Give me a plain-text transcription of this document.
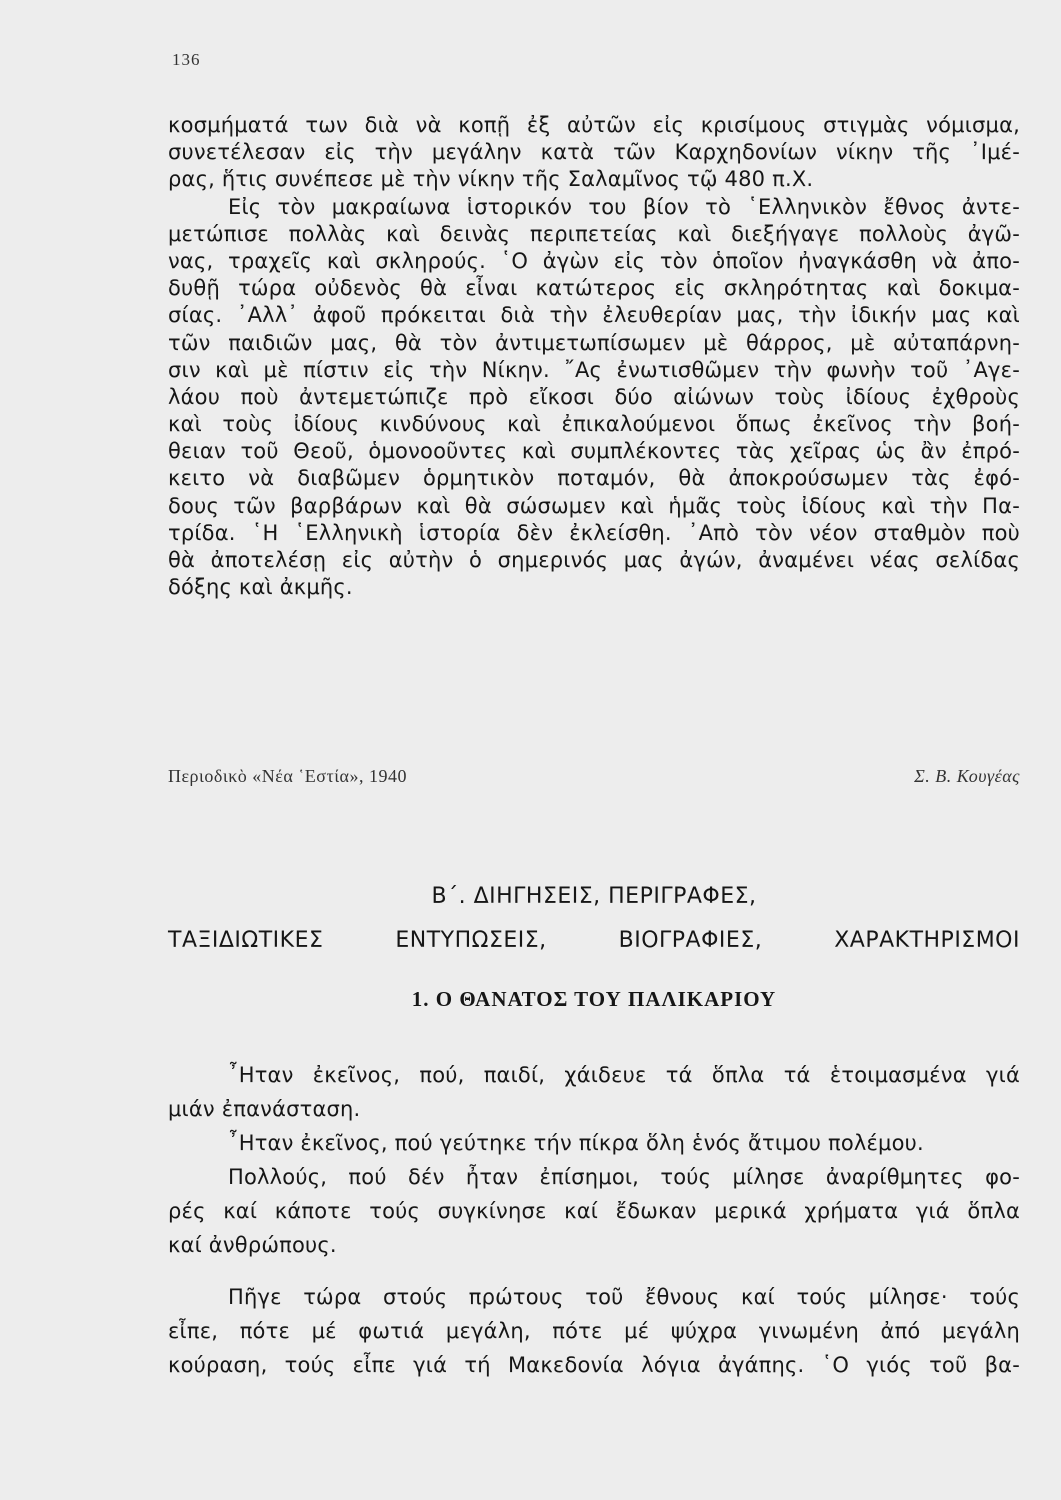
136
κοσμήματά των διὰ νὰ κοπῇ ἐξ αὐτῶν εἰς κρισίμους στιγμὰς νόμισμα,
συνετέλεσαν εἰς τὴν μεγάλην κατὰ τῶν Καρχηδονίων νίκην τῆς ᾿Ιμέ-
ρας, ἥτις συνέπεσε μὲ τὴν νίκην τῆς Σαλαμῖνος τῷ 480 π.Χ.
Εἰς τὸν μακραίωνα ἱστορικόν του βίον τὸ ῾Ελληνικὸν ἔθνος ἀντε-
μετώπισε πολλὰς καὶ δεινὰς περιπετείας καὶ διεξήγαγε πολλοὺς ἀγῶ-
νας, τραχεῖς καὶ σκληρούς. ῾Ο ἀγὼν εἰς τὸν ὁποῖον ἠναγκάσθη νὰ ἀπο-
δυθῇ τώρα οὐδενὸς θὰ εἶναι κατώτερος εἰς σκληρότητας καὶ δοκιμα-
σίας. ᾿Αλλ᾿ ἀφοῦ πρόκειται διὰ τὴν ἐλευθερίαν μας, τὴν ἰδικήν μας καὶ
τῶν παιδιῶν μας, θὰ τὸν ἀντιμετωπίσωμεν μὲ θάρρος, μὲ αὐταπάρνη-
σιν καὶ μὲ πίστιν εἰς τὴν Νίκην. ῎Ας ἐνωτισθῶμεν τὴν φωνὴν τοῦ ᾿Αγε-
λάου ποὺ ἀντεμετώπιζε πρὸ εἴκοσι δύο αἰώνων τοὺς ἰδίους ἐχθροὺς
καὶ τοὺς ἰδίους κινδύνους καὶ ἐπικαλούμενοι ὅπως ἐκεῖνος τὴν βοή-
θειαν τοῦ Θεοῦ, ὁμονοοῦντες καὶ συμπλέκοντες τὰς χεῖρας ὡς ἂν ἐπρό-
κειτο νὰ διαβῶμεν ὁρμητικὸν ποταμόν, θὰ ἀποκρούσωμεν τὰς ἐφό-
δους τῶν βαρβάρων καὶ θὰ σώσωμεν καὶ ἡμᾶς τοὺς ἰδίους καὶ τὴν Πα-
τρίδα. ῾Η ῾Ελληνικὴ ἱστορία δὲν ἐκλείσθη. ᾿Απὸ τὸν νέον σταθμὸν ποὺ
θὰ ἀποτελέσῃ εἰς αὐτὴν ὁ σημερινός μας ἀγών, ἀναμένει νέας σελίδας
δόξης καὶ ἀκμῆς.
Περιοδικὸ «Νέα ῾Εστία», 1940	Σ. Β. Κουγέας
Β΄. ΔΙΗΓΗΣΕΙΣ, ΠΕΡΙΓΡΑΦΕΣ,
ΤΑΞΙΔΙΩΤΙΚΕΣ ΕΝΤΥΠΩΣΕΙΣ, ΒΙΟΓΡΑΦΙΕΣ, ΧΑΡΑΚΤΗΡΙΣΜΟΙ
1. Ο ΘΑΝΑΤΟΣ ΤΟΥ ΠΑΛΙΚΑΡΙΟΥ
῏Ηταν ἐκεῖνος, πού, παιδί, χάιδευε τά ὅπλα τά ἑτοιμασμένα γιά
μιάν ἐπανάσταση.
῏Ηταν ἐκεῖνος, πού γεύτηκε τήν πίκρα ὅλη ἑνός ἄτιμου πολέμου.
Πολλούς, πού δέν ἦταν ἐπίσημοι, τούς μίλησε ἀναρίθμητες φο-
ρές καί κάποτε τούς συγκίνησε καί ἔδωκαν μερικά χρήματα γιά ὅπλα
καί ἀνθρώπους.
Πῆγε τώρα στούς πρώτους τοῦ ἔθνους καί τούς μίλησε· τούς
εἶπε, πότε μέ φωτιά μεγάλη, πότε μέ ψύχρα γινωμένη ἀπό μεγάλη
κούραση, τούς εἶπε γιά τή Μακεδονία λόγια ἀγάπης. ῾Ο γιός τοῦ βα-
